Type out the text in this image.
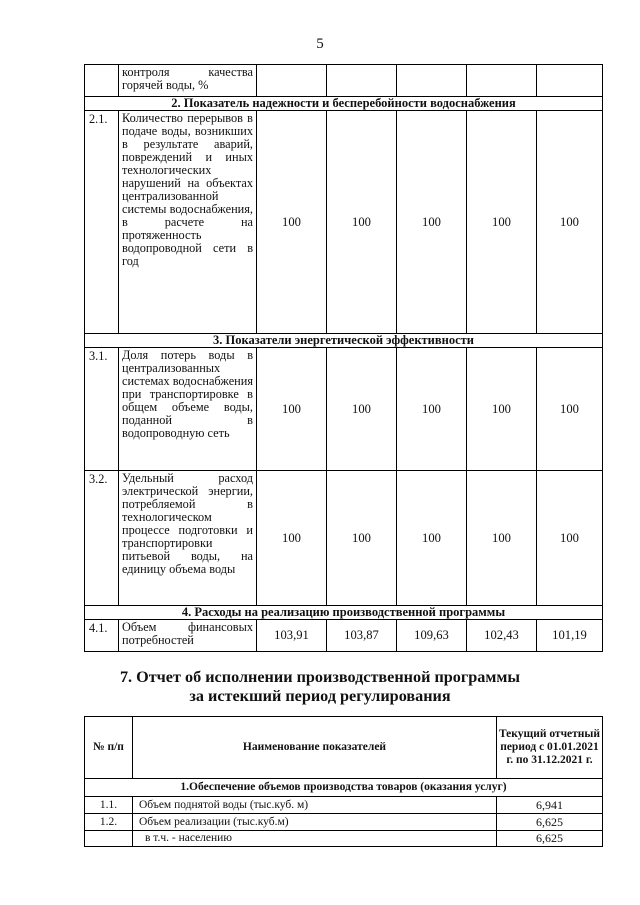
5
	контроля качества горячей воды, %					
2. Показатель надежности и бесперебойности водоснабжения						
2.1.	Количество перерывов в подаче воды, возникших в результате аварий, повреждений и иных технологических нарушений на объектах централизованной системы водоснабжения, в расчете на протяженность водопроводной сети в год	100	100	100	100	100
3. Показатели энергетической эффективности						
3.1.	Доля потерь воды в централизованных системах водоснабжения при транспортировке в общем объеме воды, поданной в водопроводную сеть	100	100	100	100	100
3.2.	Удельный расход электрической энергии, потребляемой в технологическом процессе подготовки и транспортировки питьевой воды, на единицу объема воды	100	100	100	100	100
4. Расходы на реализацию производственной программы						
4.1.	Объем финансовых потребностей	103,91	103,87	109,63	102,43	101,19
7. Отчет об исполнении производственной программы
за истекший период регулирования
№ п/п	Наименование показателей	Текущий отчетный период с 01.01.2021 г. по 31.12.2021 г.
1.Обеспечение объемов производства товаров (оказания услуг)		
1.1.	Объем поднятой воды (тыс.куб. м)	6,941
1.2.	Объем реализации (тыс.куб.м)	6,625
	в т.ч. - населению	6,625
